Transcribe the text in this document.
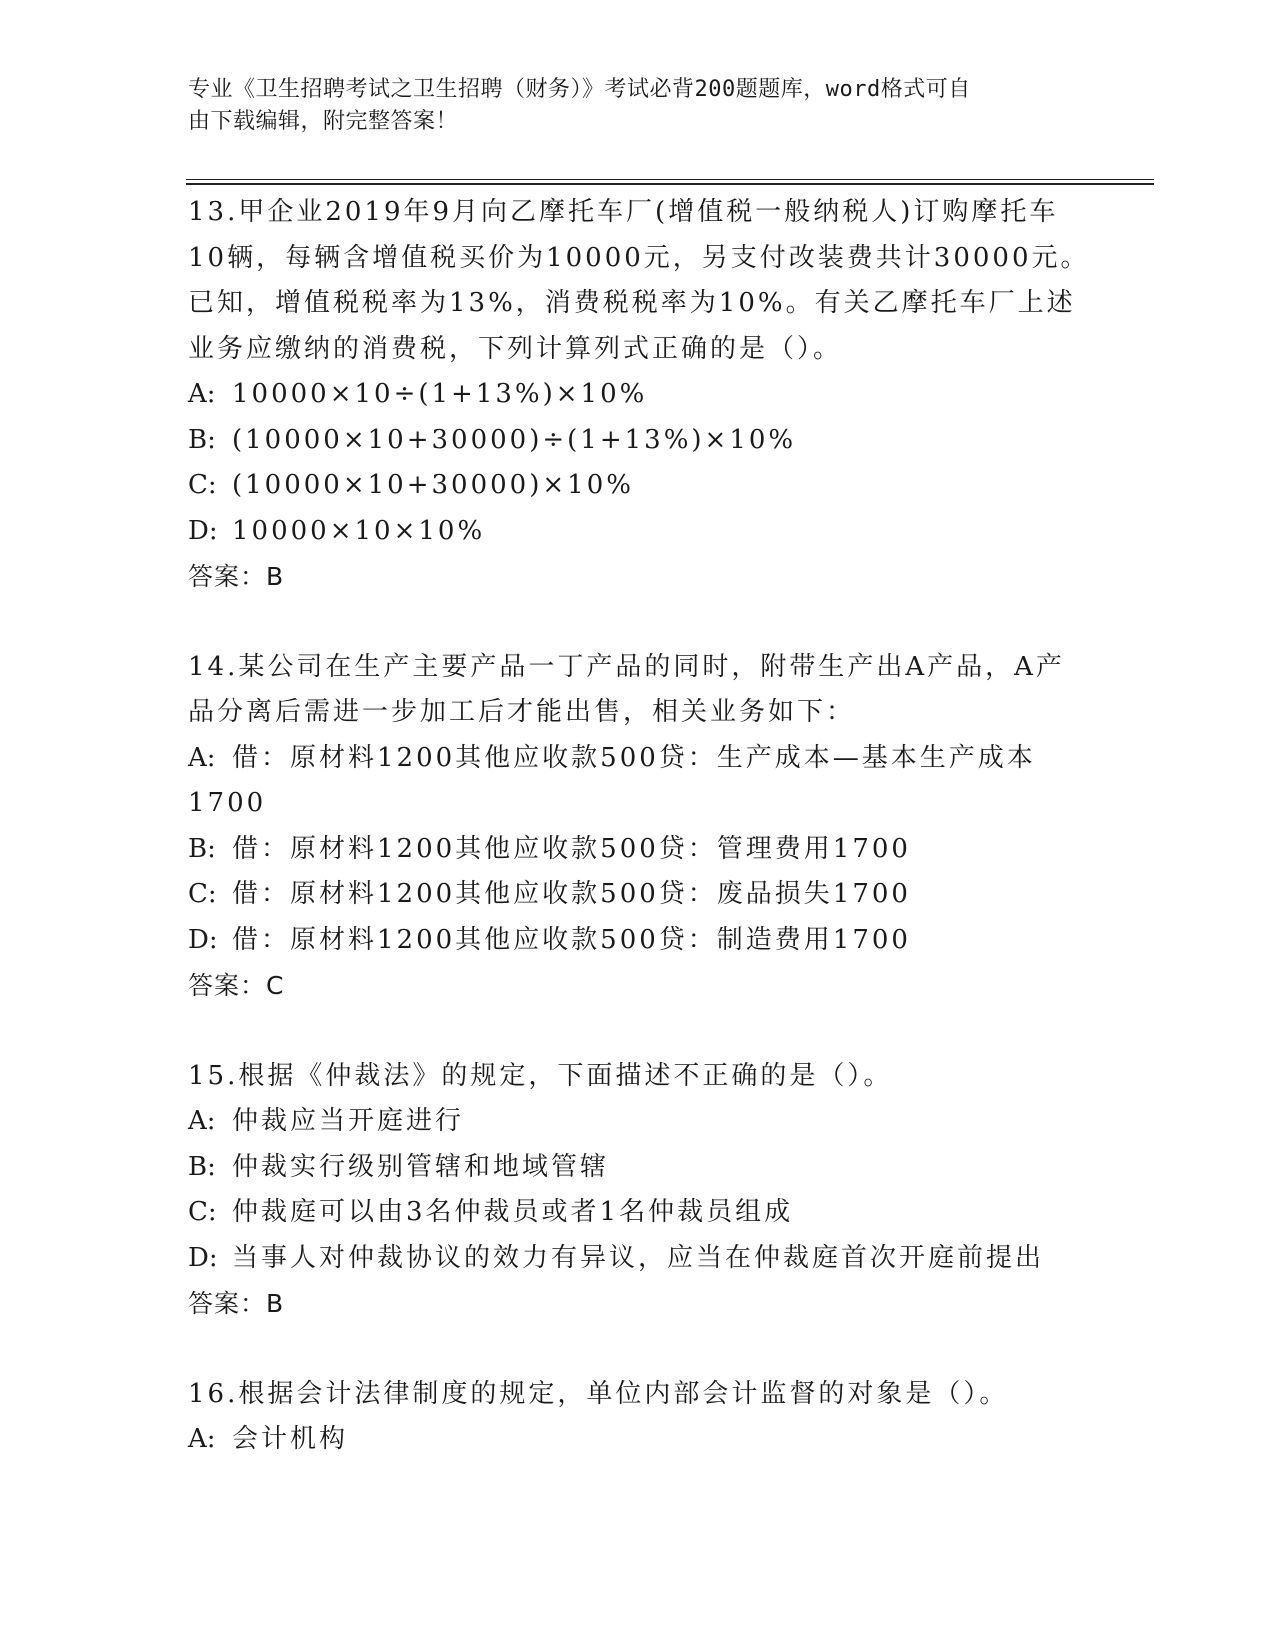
专业《卫生招聘考试之卫生招聘（财务）》考试必背200题题库，word格式可自
由下载编辑，附完整答案！
13.甲企业2019年9月向乙摩托车厂(增值税一般纳税人)订购摩托车
10辆，每辆含增值税买价为10000元，另支付改装费共计30000元。
已知，增值税税率为13%，消费税税率为10%。有关乙摩托车厂上述
业务应缴纳的消费税，下列计算列式正确的是（）。
A: 10000×10÷(1+13%)×10%
B: (10000×10+30000)÷(1+13%)×10%
C: (10000×10+30000)×10%
D: 10000×10×10%
答案：B
14.某公司在生产主要产品一丁产品的同时，附带生产出A产品，A产
品分离后需进一步加工后才能出售，相关业务如下：
A: 借：原材料1200其他应收款500贷：生产成本—基本生产成本
1700
B: 借：原材料1200其他应收款500贷：管理费用1700
C: 借：原材料1200其他应收款500贷：废品损失1700
D: 借：原材料1200其他应收款500贷：制造费用1700
答案：C
15.根据《仲裁法》的规定，下面描述不正确的是（）。
A: 仲裁应当开庭进行
B: 仲裁实行级别管辖和地域管辖
C: 仲裁庭可以由3名仲裁员或者1名仲裁员组成
D: 当事人对仲裁协议的效力有异议，应当在仲裁庭首次开庭前提出
答案：B
16.根据会计法律制度的规定，单位内部会计监督的对象是（）。
A: 会计机构
